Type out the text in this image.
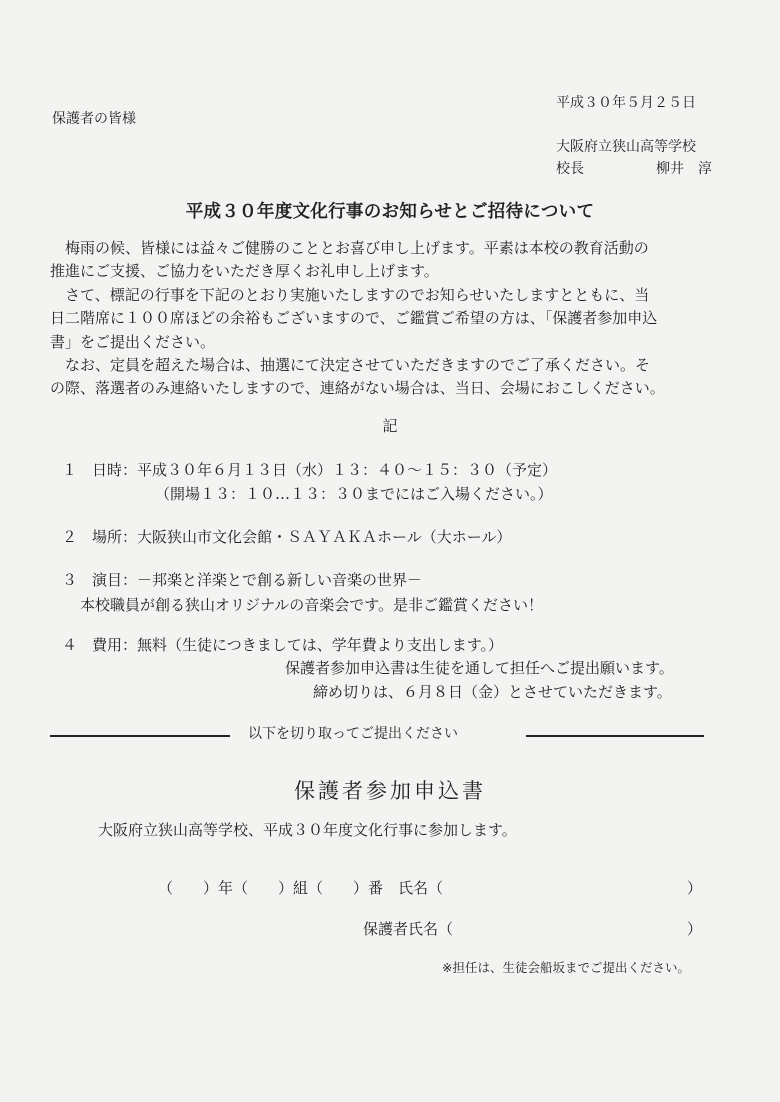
平成３０年５月２５日
保護者の皆様
大阪府立狭山高等学校
校長	柳井　淳
平成３０年度文化行事のお知らせとご招待について

　梅雨の候、皆様には益々ご健勝のこととお喜び申し上げます。平素は本校の教育活動の

推進にご支援、ご協力をいただき厚くお礼申し上げます。

　さて、標記の行事を下記のとおり実施いたしますのでお知らせいたしますとともに、当

日二階席に１００席ほどの余裕もございますので、ご鑑賞ご希望の方は、「保護者参加申込

書」をご提出ください。

　なお、定員を超えた場合は、抽選にて決定させていただきますのでご了承ください。そ

の際、落選者のみ連絡いたしますので、連絡がない場合は、当日、会場におこしください。

記
１ 日時：平成３０年６月１３日（水）１３：４０～１５：３０（予定）
（開場１３：１０…１３：３０までにはご入場ください。）
２ 場所：大阪狭山市文化会館・ＳＡＹＡＫＡホール（大ホール）
３ 演目：－邦楽と洋楽とで創る新しい音楽の世界－
本校職員が創る狭山オリジナルの音楽会です。是非ご鑑賞ください！
４ 費用：無料（生徒につきましては、学年費より支出します。）
保護者参加申込書は生徒を通して担任へご提出願います。
締め切りは、６月８日（金）とさせていただきます。
以下を切り取ってご提出ください
保護者参加申込書
大阪府立狭山高等学校、平成３０年度文化行事に参加します。
（　　）年（　　）組（　　）番　氏名（	）
保護者氏名（	）
※担任は、生徒会船坂までご提出ください。
